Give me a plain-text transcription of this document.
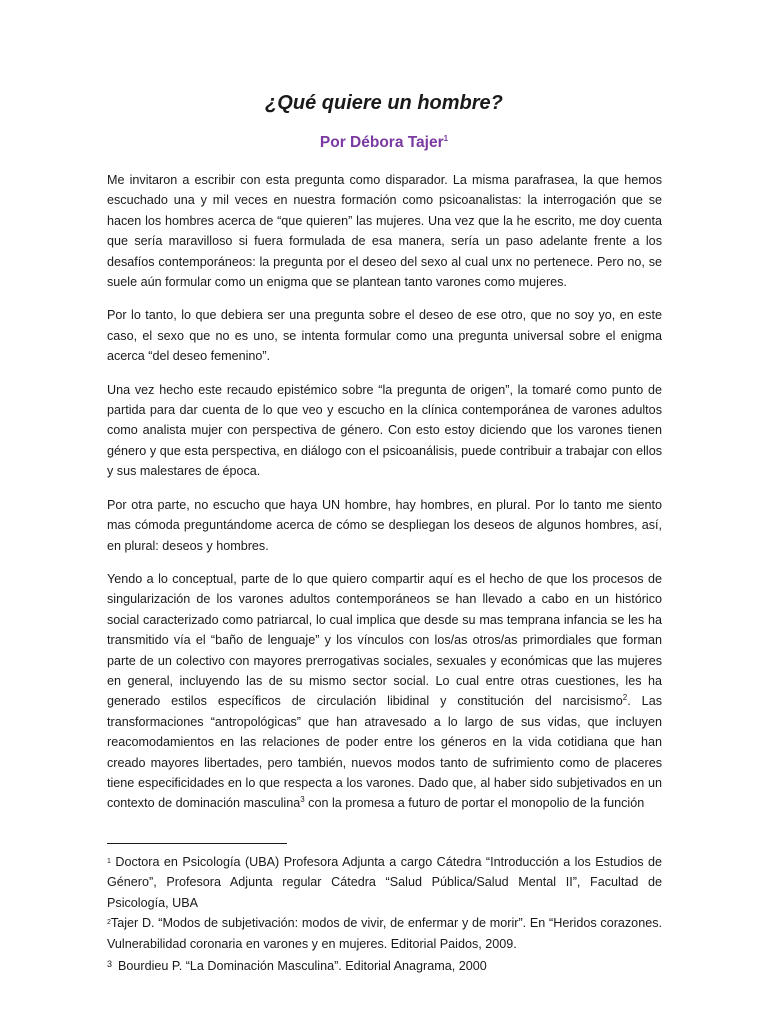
¿Qué quiere un hombre?
Por Débora Tajer$^1$

Me invitaron a escribir con esta pregunta como disparador. La misma parafrasea, la que hemos escuchado una y mil veces en nuestra formación como psicoanalistas: la interrogación que se hacen los hombres acerca de “que quieren” las mujeres. Una vez que la he escrito, me doy cuenta que sería maravilloso si fuera formulada de esa manera, sería un paso adelante frente a los desafíos contemporáneos: la pregunta por el deseo del sexo al cual unx no pertenece. Pero no, se suele aún formular como un enigma que se plantean tanto varones como mujeres.

Por lo tanto, lo que debiera ser una pregunta sobre el deseo de ese otro, que no soy yo, en este caso, el sexo que no es uno, se intenta formular como una pregunta universal sobre el enigma acerca “del deseo femenino”.

Una vez hecho este recaudo epistémico sobre “la pregunta de origen”, la tomaré como punto de partida para dar cuenta de lo que veo y escucho en la clínica contemporánea de varones adultos como analista mujer con perspectiva de género. Con esto estoy diciendo que los varones tienen género y que esta perspectiva, en diálogo con el psicoanálisis, puede contribuir a trabajar con ellos y sus malestares de época.

Por otra parte, no escucho que haya UN hombre, hay hombres, en plural. Por lo tanto me siento mas cómoda preguntándome acerca de cómo se despliegan los deseos de algunos hombres, así, en plural: deseos y hombres.

Yendo a lo conceptual, parte de lo que quiero compartir aquí es el hecho de que los procesos de singularización de los varones adultos contemporáneos se han llevado a cabo en un histórico social caracterizado como patriarcal, lo cual implica que desde su mas temprana infancia se les ha transmitido vía el “baño de lenguaje” y los vínculos con los/as otros/as primordiales que forman parte de un colectivo con mayores prerrogativas sociales, sexuales y económicas que las mujeres en general, incluyendo las de su mismo sector social. Lo cual entre otras cuestiones, les ha generado estilos específicos de circulación libidinal y constitución del narcisismo$^2$. Las transformaciones “antropológicas” que han atravesado a lo largo de sus vidas, que incluyen reacomodamientos en las relaciones de poder entre los géneros en la vida cotidiana que han creado mayores libertades, pero también, nuevos modos tanto de sufrimiento como de placeres tiene especificidades en lo que respecta a los varones. Dado que, al haber sido subjetivados en un contexto de dominación masculina$^3$ con la promesa a futuro de portar el monopolio de la función

$^1$ Doctora en Psicología (UBA) Profesora Adjunta a cargo Cátedra “Introducción a los Estudios de Género”, Profesora Adjunta regular Cátedra “Salud Pública/Salud Mental II”, Facultad de Psicología, UBA

$^2$Tajer D. “Modos de subjetivación: modos de vivir, de enfermar y de morir”. En “Heridos corazones. Vulnerabilidad coronaria en varones y en mujeres. Editorial Paidos, 2009.

$^3$ Bourdieu P. “La Dominación Masculina”. Editorial Anagrama, 2000
